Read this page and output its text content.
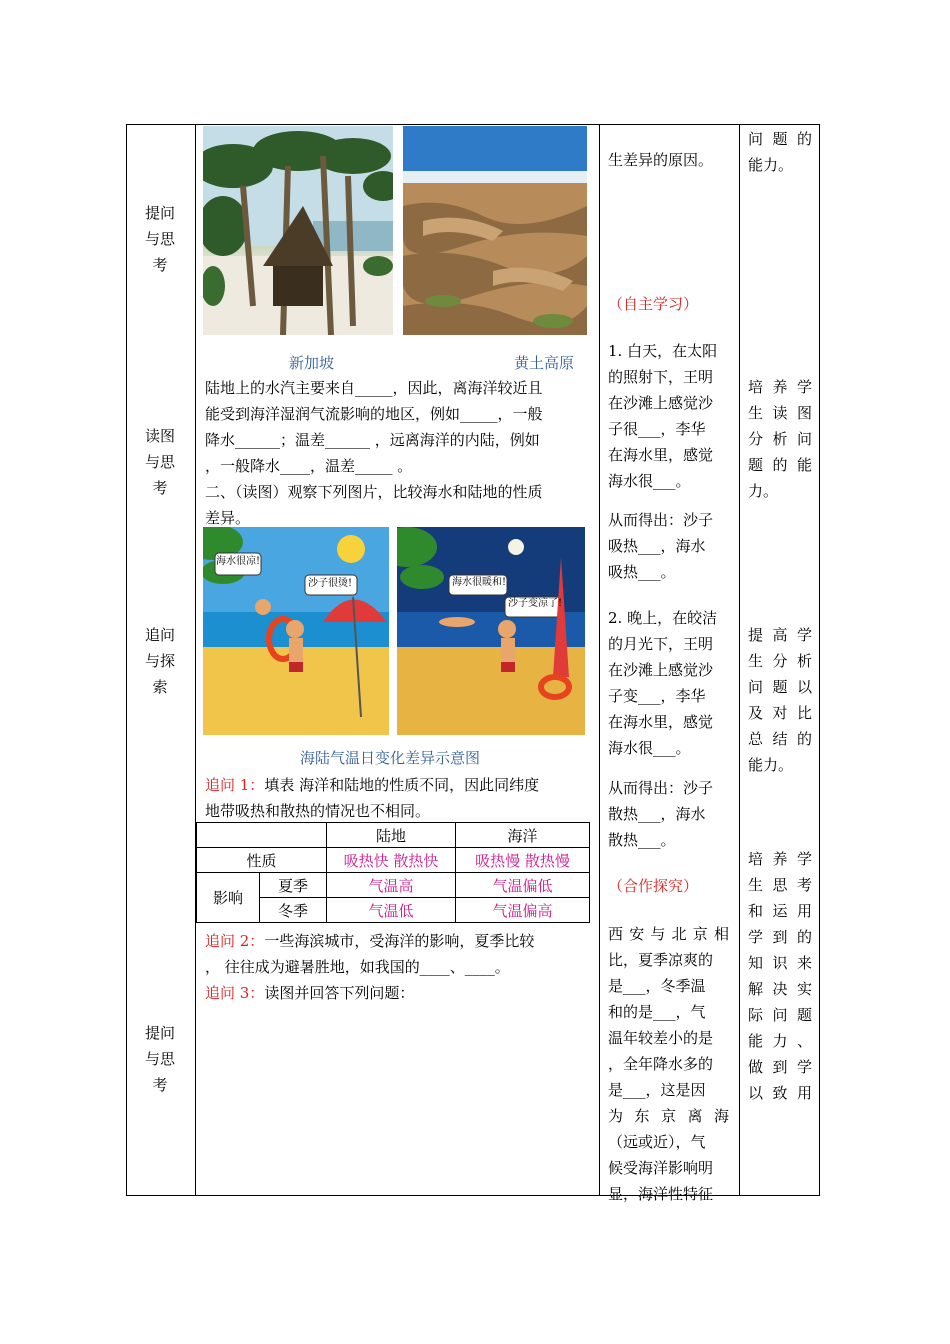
提问与思考
读图与思考
追问与探索
提问与思考
新加坡	黄土高原
陆地上的水汽主要来自_____，因此，离海洋较近且
能受到海洋湿润气流影响的地区，例如_____，一般
降水______；温差______ ，远离海洋的内陆，例如
，一般降水____，温差_____ 。
二、（读图）观察下列图片，比较海水和陆地的性质
差异。
海水很凉!
沙子很烫!	海水很暖和!
沙子变凉了!
海陆气温日变化差异示意图
追问 1：填表 海洋和陆地的性质不同，因此同纬度
地带吸热和散热的情况也不相同。
		陆地	海洋
性质		吸热快 散热快	吸热慢 散热慢
影响	夏季	气温高	气温偏低
	冬季	气温低	气温偏高
追问 2：一些海滨城市，受海洋的影响，夏季比较
， 往往成为避暑胜地，如我国的____、____。
追问 3：读图并回答下列问题：
生差异的原因。
（自主学习）
1. 白天，在太阳
的照射下，王明
在沙滩上感觉沙
子很___，李华
在海水里，感觉
海水很___。
从而得出：沙子
吸热___，海水
吸热___。
2. 晚上，在皎洁
的月光下，王明
在沙滩上感觉沙
子变___，李华
在海水里，感觉
海水很___。
从而得出：沙子
散热___，海水
散热___。
（合作探究）
西安与北京相
比，夏季凉爽的
是___，冬季温
和的是___，气
温年较差小的是
，全年降水多的
是___，这是因
为东京离海
（远或近），气
候受海洋影响明
显，海洋性特征
问题的
能力。
培养学
生读图
分析问
题的能
力。
提高学
生分析
问题以
及对比
总结的
能力。
培养学
生思考
和运用
学到的
知识来
解决实
际问题
能力、
做到学
以致用
